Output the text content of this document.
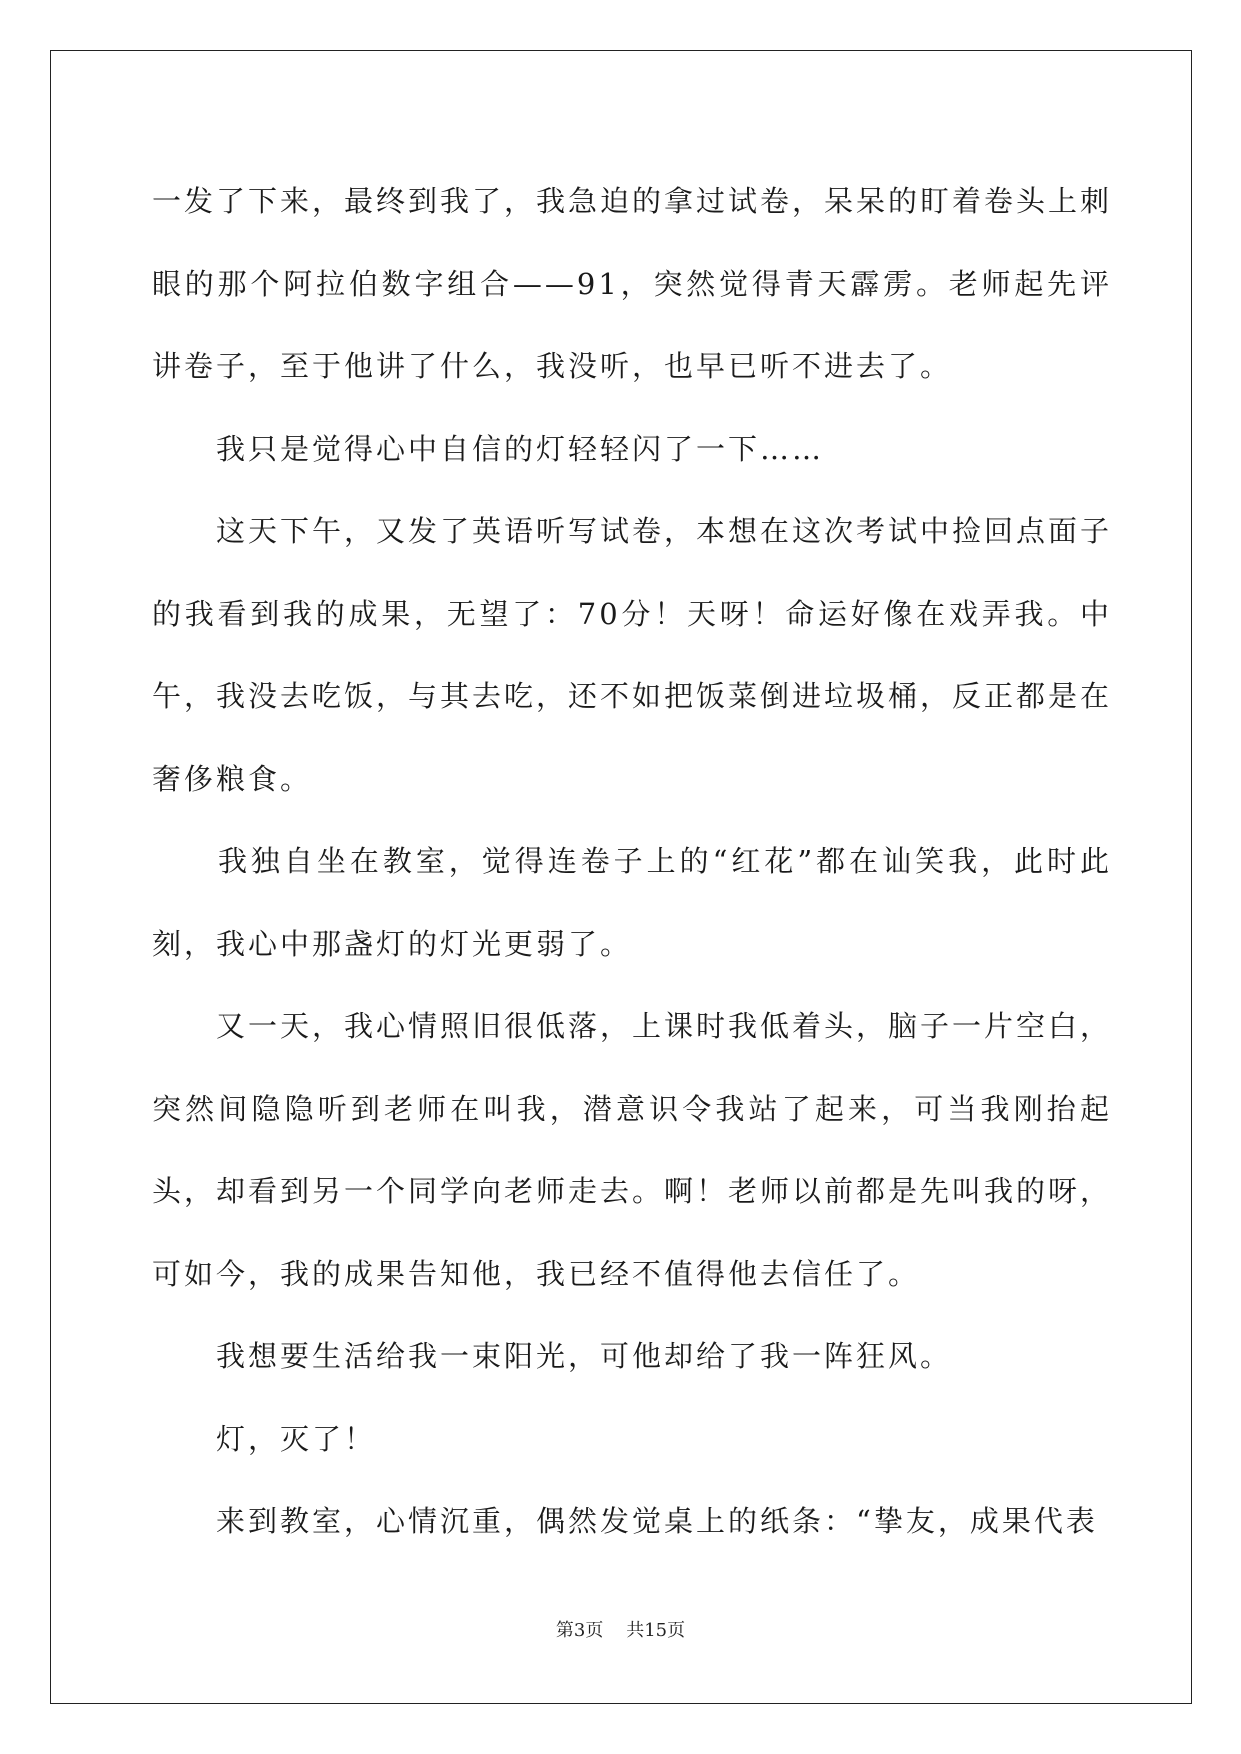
一发了下来，最终到我了，我急迫的拿过试卷，呆呆的盯着卷头上刺眼的那个阿拉伯数字组合——91，突然觉得青天霹雳。老师起先评讲卷子，至于他讲了什么，我没听，也早已听不进去了。

　　我只是觉得心中自信的灯轻轻闪了一下……

　　这天下午，又发了英语听写试卷，本想在这次考试中捡回点面子的我看到我的成果，无望了：70分！天呀！命运好像在戏弄我。中午，我没去吃饭，与其去吃，还不如把饭菜倒进垃圾桶，反正都是在奢侈粮食。

　　我独自坐在教室，觉得连卷子上的“红花”都在讪笑我，此时此刻，我心中那盏灯的灯光更弱了。

　　又一天，我心情照旧很低落，上课时我低着头，脑子一片空白，突然间隐隐听到老师在叫我，潜意识令我站了起来，可当我刚抬起头，却看到另一个同学向老师走去。啊！老师以前都是先叫我的呀，可如今，我的成果告知他，我已经不值得他去信任了。

　　我想要生活给我一束阳光，可他却给了我一阵狂风。

　　灯，灭了！

　　来到教室，心情沉重，偶然发觉桌上的纸条：“挚友，成果代表

第3页 共15页
